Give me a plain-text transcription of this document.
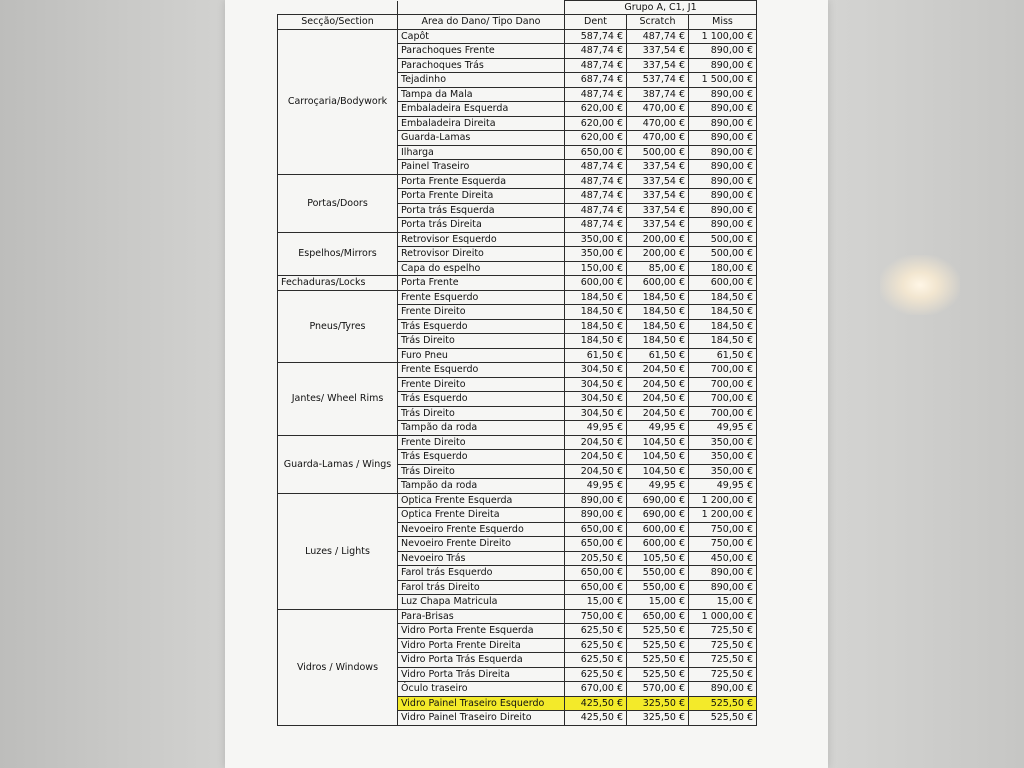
		Grupo A, C1, J1		
Secção/Section	Area do Dano/ Tipo Dano	Dent	Scratch	Miss
Carroçaria/Bodywork	Capôt	587,74 €	487,74 €	1 100,00 €
	Parachoques Frente	487,74 €	337,54 €	890,00 €
	Parachoques Trás	487,74 €	337,54 €	890,00 €
	Tejadinho	687,74 €	537,74 €	1 500,00 €
	Tampa da Mala	487,74 €	387,74 €	890,00 €
	Embaladeira Esquerda	620,00 €	470,00 €	890,00 €
	Embaladeira Direita	620,00 €	470,00 €	890,00 €
	Guarda-Lamas	620,00 €	470,00 €	890,00 €
	Ilharga	650,00 €	500,00 €	890,00 €
	Painel Traseiro	487,74 €	337,54 €	890,00 €
Portas/Doors	Porta Frente Esquerda	487,74 €	337,54 €	890,00 €
	Porta Frente Direita	487,74 €	337,54 €	890,00 €
	Porta trás Esquerda	487,74 €	337,54 €	890,00 €
	Porta trás Direita	487,74 €	337,54 €	890,00 €
Espelhos/Mirrors	Retrovisor Esquerdo	350,00 €	200,00 €	500,00 €
	Retrovisor Direito	350,00 €	200,00 €	500,00 €
	Capa do espelho	150,00 €	85,00 €	180,00 €
Fechaduras/Locks	Porta Frente	600,00 €	600,00 €	600,00 €
Pneus/Tyres	Frente Esquerdo	184,50 €	184,50 €	184,50 €
	Frente Direito	184,50 €	184,50 €	184,50 €
	Trás Esquerdo	184,50 €	184,50 €	184,50 €
	Trás Direito	184,50 €	184,50 €	184,50 €
	Furo Pneu	61,50 €	61,50 €	61,50 €
Jantes/ Wheel Rims	Frente Esquerdo	304,50 €	204,50 €	700,00 €
	Frente Direito	304,50 €	204,50 €	700,00 €
	Trás Esquerdo	304,50 €	204,50 €	700,00 €
	Trás Direito	304,50 €	204,50 €	700,00 €
	Tampão da roda	49,95 €	49,95 €	49,95 €
Guarda-Lamas / Wings	Frente Direito	204,50 €	104,50 €	350,00 €
	Trás Esquerdo	204,50 €	104,50 €	350,00 €
	Trás Direito	204,50 €	104,50 €	350,00 €
	Tampão da roda	49,95 €	49,95 €	49,95 €
Luzes / Lights	Optica Frente Esquerda	890,00 €	690,00 €	1 200,00 €
	Optica Frente Direita	890,00 €	690,00 €	1 200,00 €
	Nevoeiro Frente Esquerdo	650,00 €	600,00 €	750,00 €
	Nevoeiro Frente Direito	650,00 €	600,00 €	750,00 €
	Nevoeiro Trás	205,50 €	105,50 €	450,00 €
	Farol trás Esquerdo	650,00 €	550,00 €	890,00 €
	Farol trás Direito	650,00 €	550,00 €	890,00 €
	Luz Chapa Matricula	15,00 €	15,00 €	15,00 €
Vidros / Windows	Para-Brisas	750,00 €	650,00 €	1 000,00 €
	Vidro Porta Frente Esquerda	625,50 €	525,50 €	725,50 €
	Vidro Porta Frente Direita	625,50 €	525,50 €	725,50 €
	Vidro Porta Trás Esquerda	625,50 €	525,50 €	725,50 €
	Vidro Porta Trás Direita	625,50 €	525,50 €	725,50 €
	Óculo traseiro	670,00 €	570,00 €	890,00 €
	Vidro Painel Traseiro Esquerdo	425,50 €	325,50 €	525,50 €
	Vidro Painel Traseiro Direito	425,50 €	325,50 €	525,50 €
